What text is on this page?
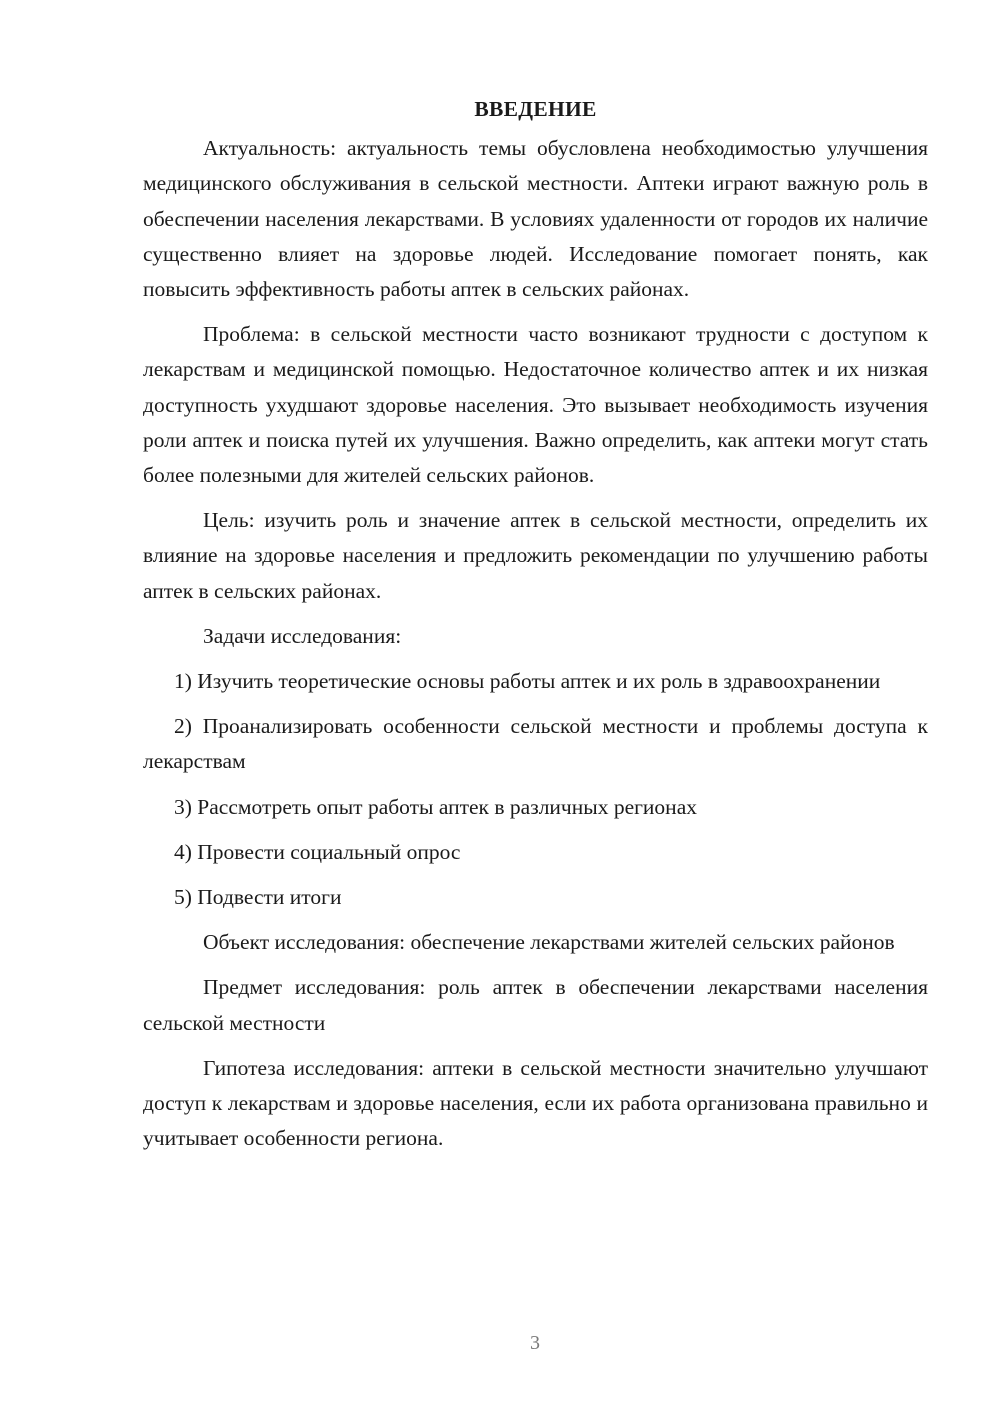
ВВЕДЕНИЕ

Актуальность: актуальность темы обусловлена необходимостью улучшения медицинского обслуживания в сельской местности. Аптеки играют важную роль в обеспечении населения лекарствами. В условиях удаленности от городов их наличие существенно влияет на здоровье людей. Исследование помогает понять, как повысить эффективность работы аптек в сельских районах.

Проблема: в сельской местности часто возникают трудности с доступом к лекарствам и медицинской помощью. Недостаточное количество аптек и их низкая доступность ухудшают здоровье населения. Это вызывает необходимость изучения роли аптек и поиска путей их улучшения. Важно определить, как аптеки могут стать более полезными для жителей сельских районов.

Цель: изучить роль и значение аптек в сельской местности, определить их влияние на здоровье населения и предложить рекомендации по улучшению работы аптек в сельских районах.

Задачи исследования:

1) Изучить теоретические основы работы аптек и их роль в здравоохранении

2) Проанализировать особенности сельской местности и проблемы доступа к лекарствам

3) Рассмотреть опыт работы аптек в различных регионах

4) Провести социальный опрос

5) Подвести итоги

Объект исследования: обеспечение лекарствами жителей сельских районов

Предмет исследования: роль аптек в обеспечении лекарствами населения сельской местности

Гипотеза исследования: аптеки в сельской местности значительно улучшают доступ к лекарствам и здоровье населения, если их работа организована правильно и учитывает особенности региона.

3
